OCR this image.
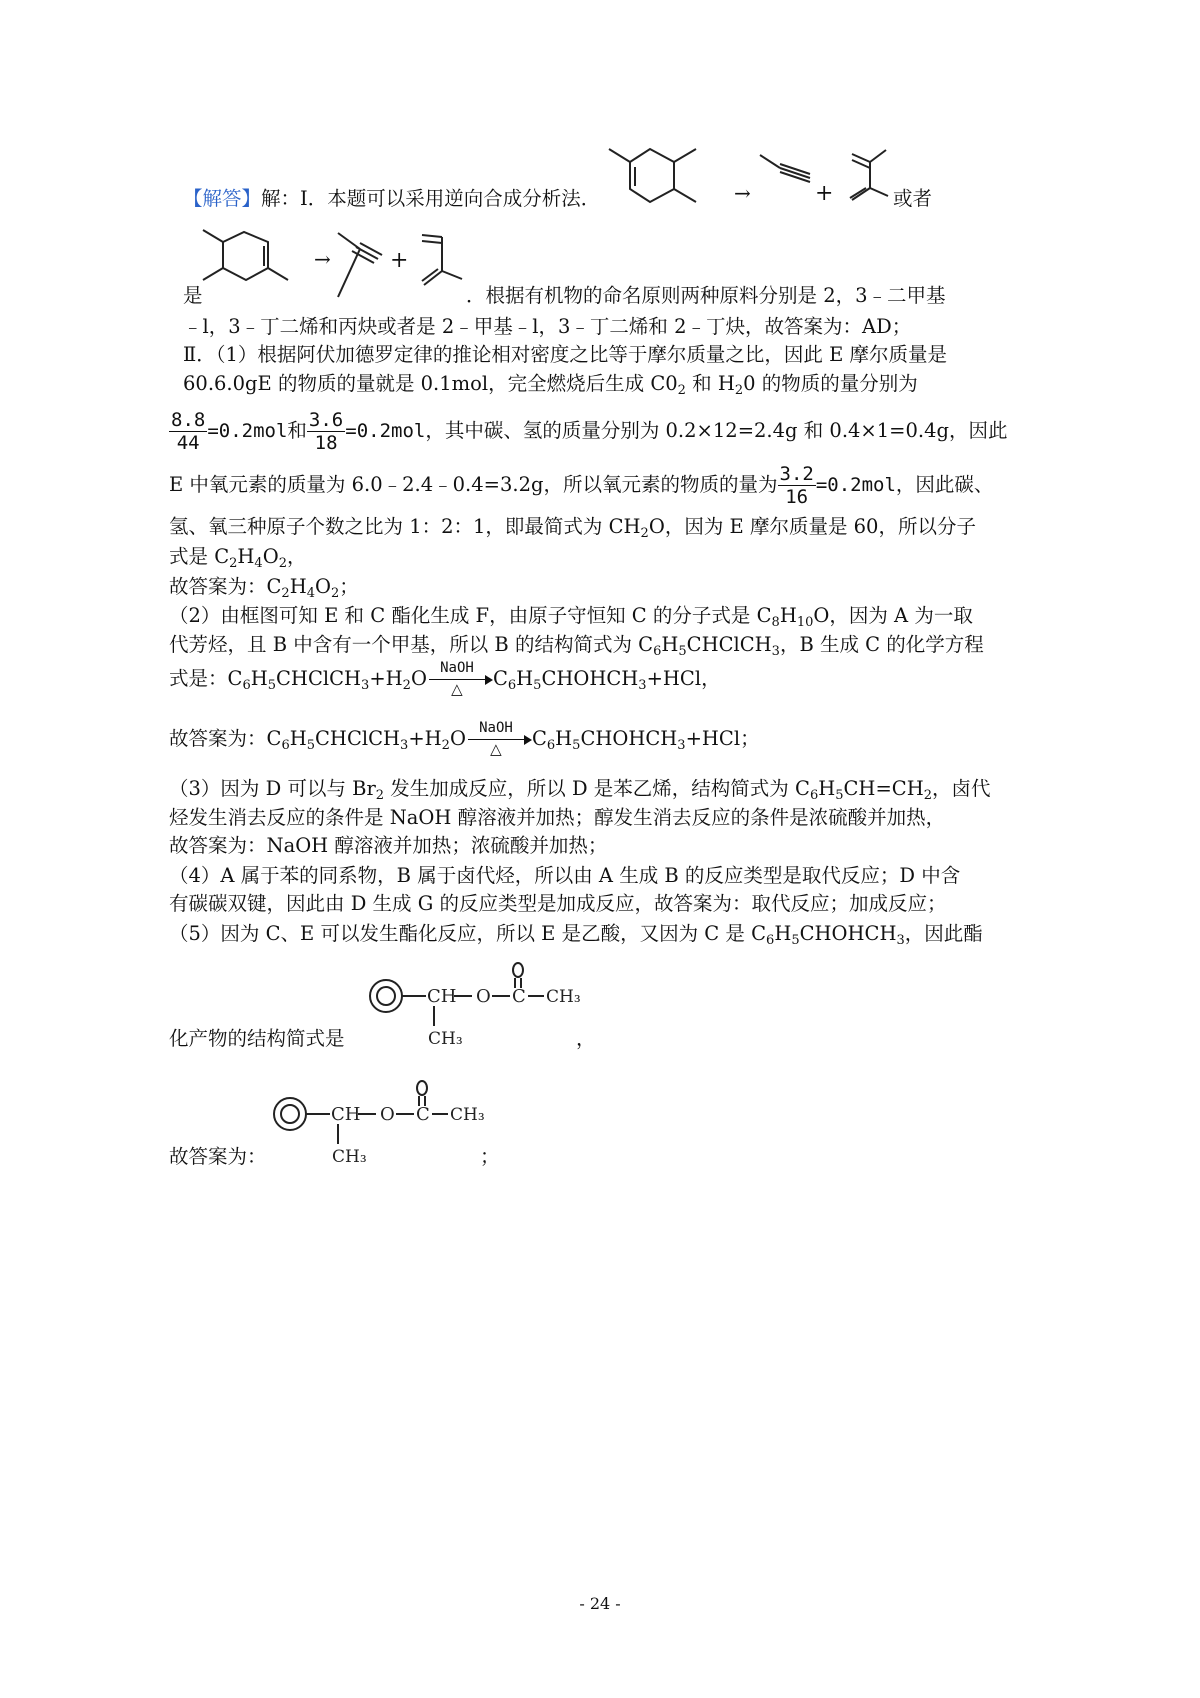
【解答】解：Ⅰ．本题可以采用逆向合成分析法．	→	+	或者
是
→	+
．根据有机物的命名原则两种原料分别是 2，3﹣二甲基
﹣l，3﹣丁二烯和丙炔或者是 2﹣甲基﹣l，3﹣丁二烯和 2﹣丁炔，故答案为：AD；
Ⅱ．（1）根据阿伏加德罗定律的推论相对密度之比等于摩尔质量之比，因此 E 摩尔质量是
60.6.0gE 的物质的量就是 0.1mol，完全燃烧后生成 $C0_2$ 和 $H_20$ 的物质的量分别为
$\frac{8.8}{44} =0.2mol$和 $\frac{3.6}{18} =0.2mol$，其中碳、氢的质量分别为 0.2×12=2.4g 和 0.4×1=0.4g，因此
E 中氧元素的质量为 6.0﹣2.4﹣0.4=3.2g，所以氧元素的物质的量为 $\frac{3.2}{16} =0.2mol$，因此碳、
氢、氧三种原子个数之比为 1：2：1，即最简式为 $CH_2O$，因为 E 摩尔质量是 60，所以分子
式是 $C_2H_4O_2$，
故答案为：$C_2H_4O_2$；
（2）由框图可知 E 和 C 酯化生成 F，由原子守恒知 C 的分子式是 $C_8H_{10}O$，因为 A 为一取
代芳烃，且 B 中含有一个甲基，所以 B 的结构简式为 $C_6H_5CHClCH_3$，B 生成 C 的化学方程
式是：$C_6H_5CHClCH_3+H_2O$ NaOH
△	$C_6H_5CHOHCH_3+HCl$，
故答案为：$C_6H_5CHClCH_3+H_2O$ NaOH
△	$C_6H_5CHOHCH_3+HCl$；
（3）因为 D 可以与 $Br_2$ 发生加成反应，所以 D 是苯乙烯，结构简式为 $C_6H_5CH=CH_2$，卤代
烃发生消去反应的条件是 NaOH 醇溶液并加热；醇发生消去反应的条件是浓硫酸并加热，
故答案为：NaOH 醇溶液并加热；浓硫酸并加热；
（4）A 属于苯的同系物，B 属于卤代烃，所以由 A 生成 B 的反应类型是取代反应；D 中含
有碳碳双键，因此由 D 生成 G 的反应类型是加成反应，故答案为：取代反应；加成反应；
（5）因为 C、E 可以发生酯化反应，所以 E 是乙酸，又因为 C 是 $C_6H_5CHOHCH_3$，因此酯
化产物的结构简式是
CH O C CH₃
CH₃	，
故答案为：
CH O C CH₃
CH₃	；
- 24 -
